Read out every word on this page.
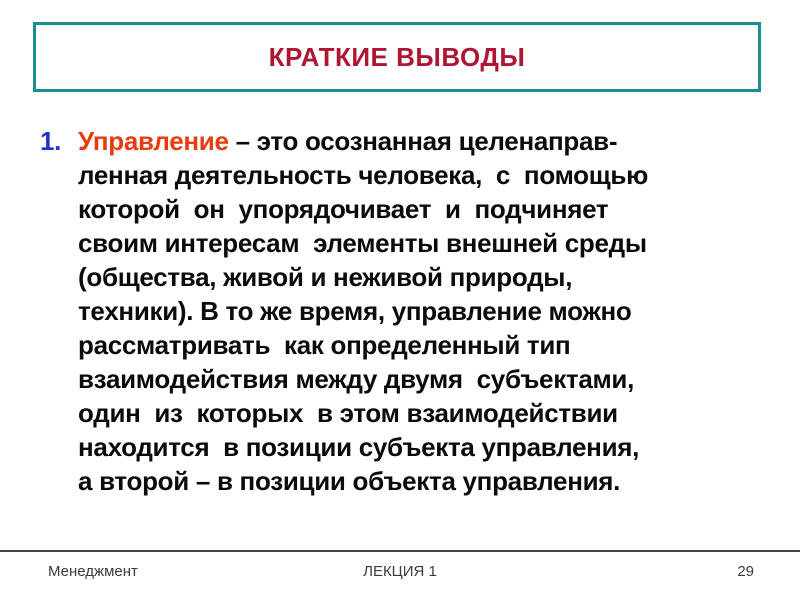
КРАТКИЕ ВЫВОДЫ
1. Управление – это осознанная целенаправ-
ленная деятельность человека,  с  помощью
которой  он  упорядочивает  и  подчиняет
своим интересам  элементы внешней среды
(общества, живой и неживой природы,
техники). В то же время, управление можно
рассматривать  как определенный тип
взаимодействия между двумя  субъектами,
один  из  которых  в этом взаимодействии
находится  в позиции субъекта управления,
а второй – в позиции объекта управления.
Менеджмент	ЛЕКЦИЯ 1	29
